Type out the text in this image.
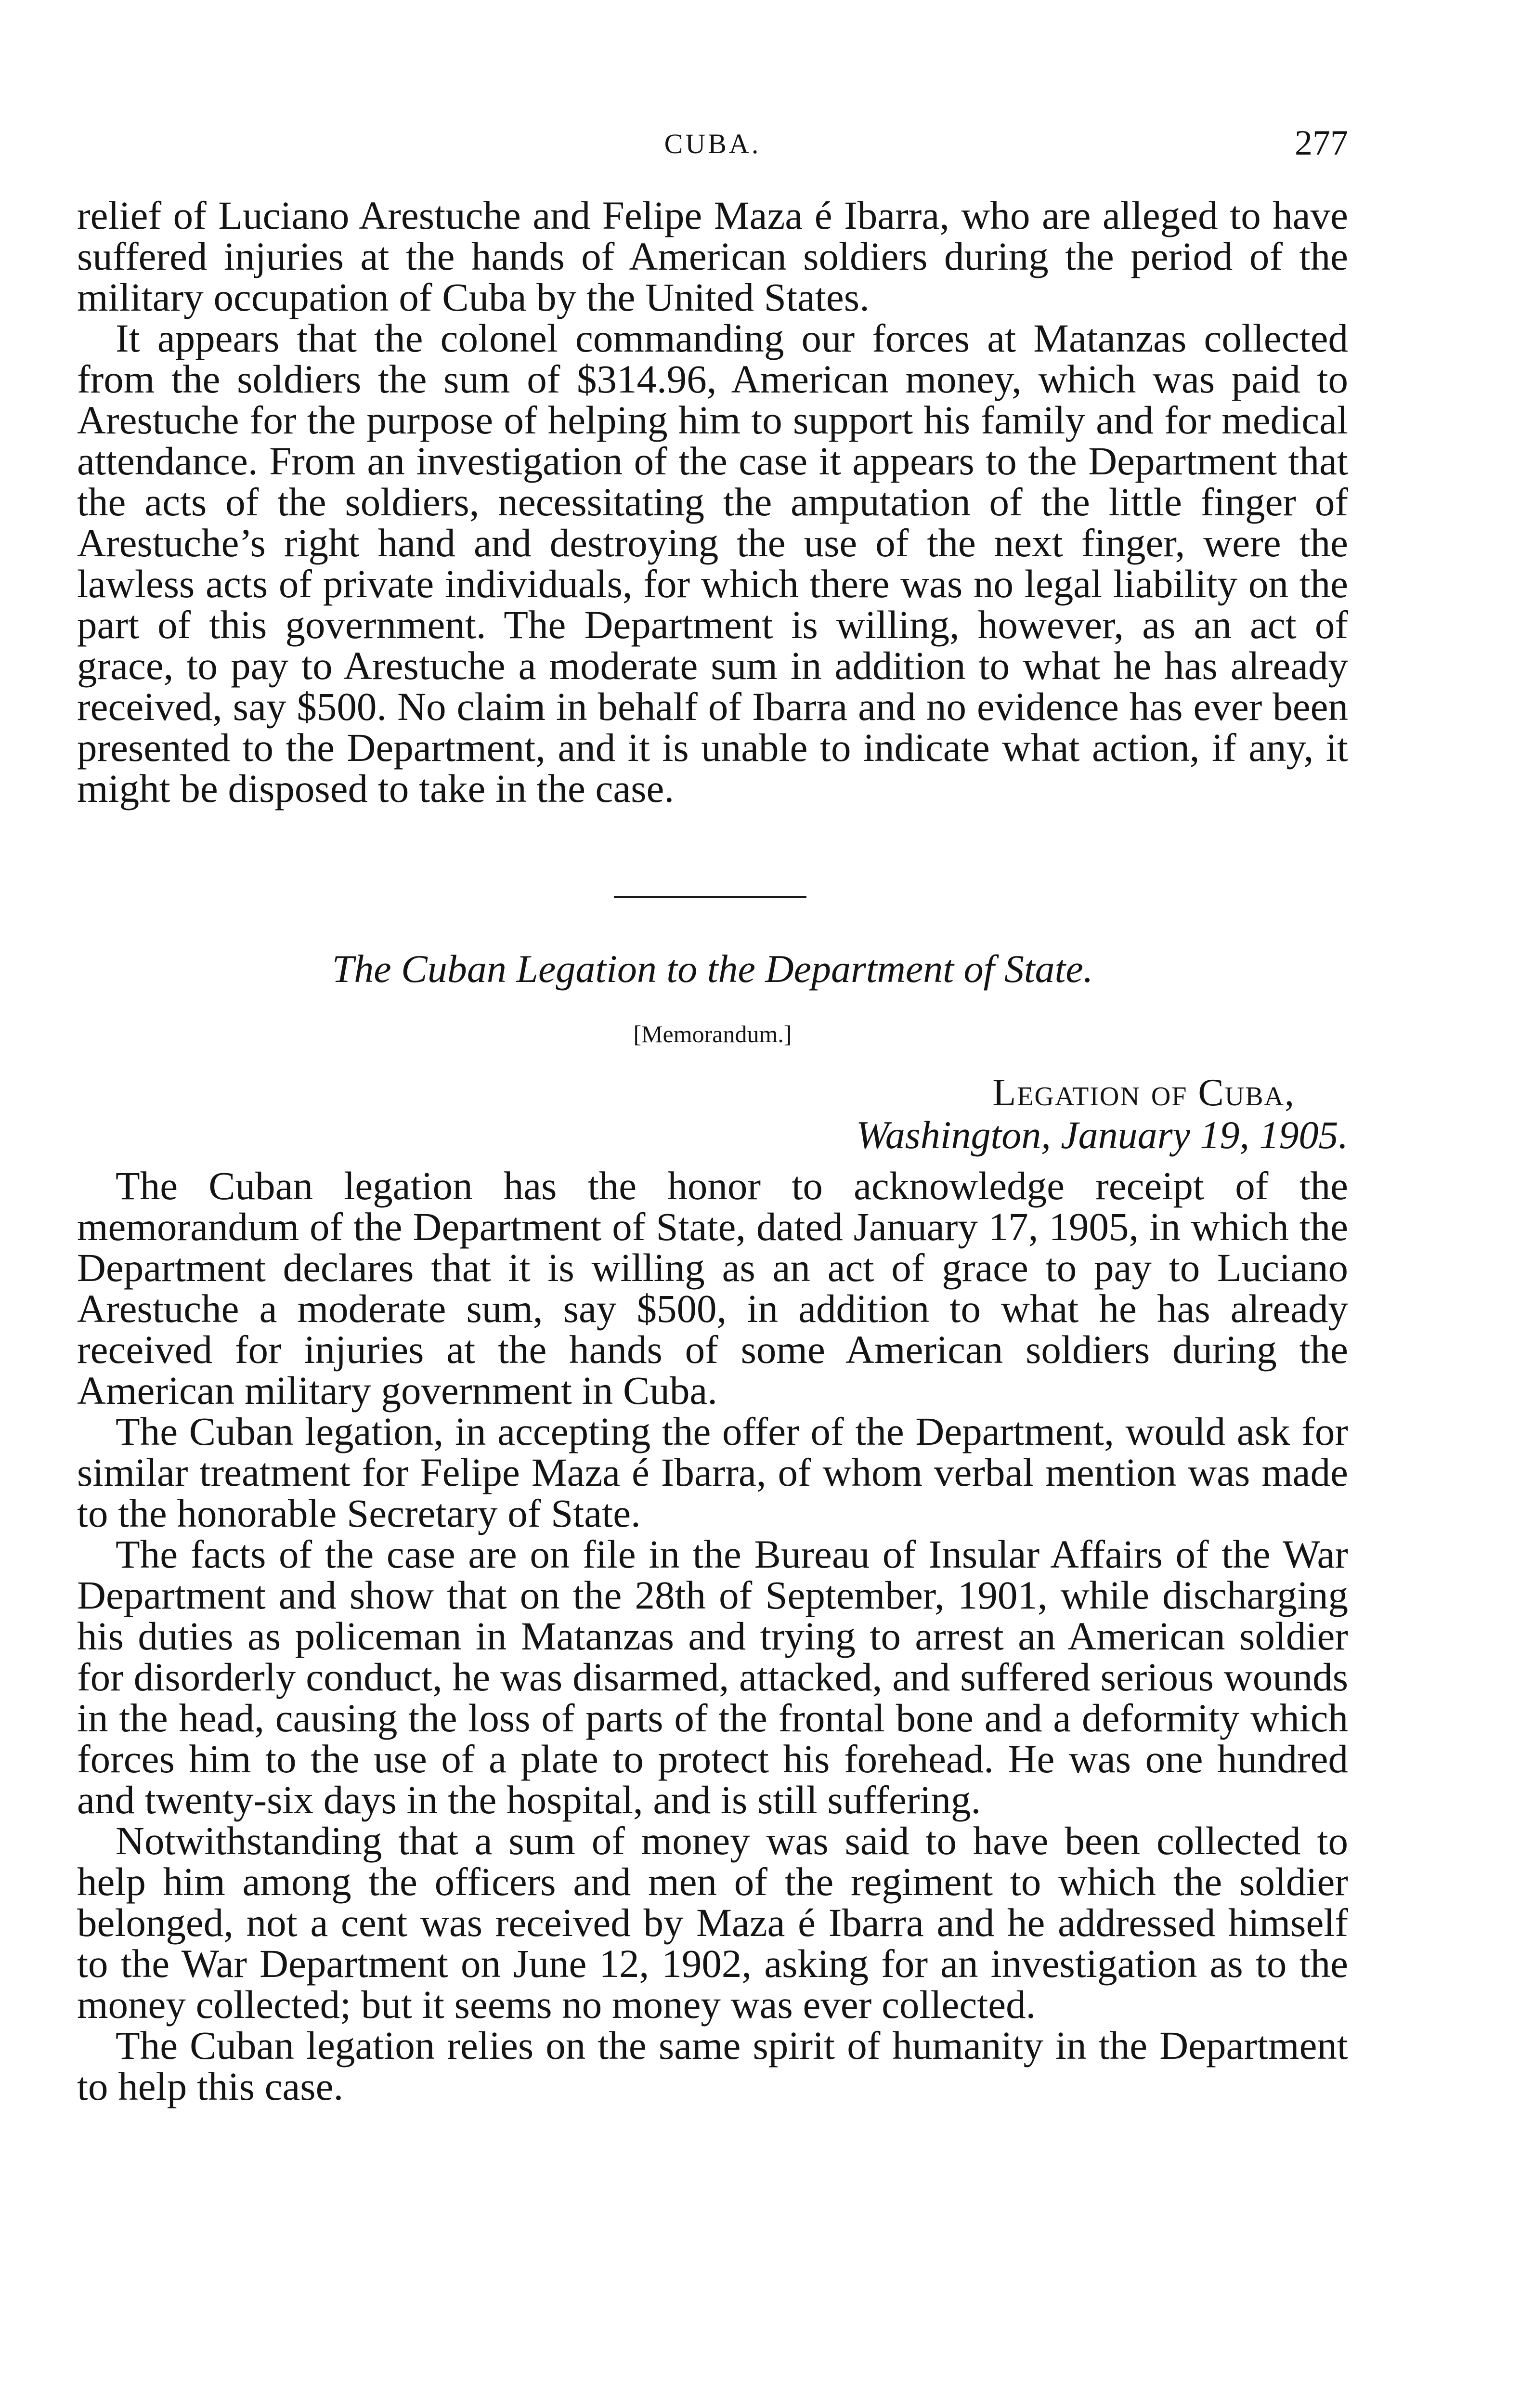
CUBA.	277

relief of Luciano Arestuche and Felipe Maza é Ibarra, who are alleged to have suffered injuries at the hands of American soldiers during the period of the military occupation of Cuba by the United States.

It appears that the colonel commanding our forces at Matanzas collected from the soldiers the sum of $314.96, American money, which was paid to Arestuche for the purpose of helping him to support his family and for medical attendance. From an investigation of the case it appears to the Department that the acts of the soldiers, necessitating the amputation of the little finger of Arestuche’s right hand and destroying the use of the next finger, were the lawless acts of private individuals, for which there was no legal liability on the part of this government. The Department is willing, however, as an act of grace, to pay to Arestuche a moderate sum in addition to what he has already received, say $500. No claim in behalf of Ibarra and no evidence has ever been presented to the Department, and it is unable to indicate what action, if any, it might be disposed to take in the case.

The Cuban Legation to the Department of State.
[Memorandum.]
Legation of Cuba,
Washington, January 19, 1905.

The Cuban legation has the honor to acknowledge receipt of the memorandum of the Department of State, dated January 17, 1905, in which the Department declares that it is willing as an act of grace to pay to Luciano Arestuche a moderate sum, say $500, in addition to what he has already received for injuries at the hands of some American soldiers during the American military government in Cuba.

The Cuban legation, in accepting the offer of the Department, would ask for similar treatment for Felipe Maza é Ibarra, of whom verbal mention was made to the honorable Secretary of State.

The facts of the case are on file in the Bureau of Insular Affairs of the War Department and show that on the 28th of September, 1901, while discharging his duties as policeman in Matanzas and trying to arrest an American soldier for disorderly conduct, he was disarmed, attacked, and suffered serious wounds in the head, causing the loss of parts of the frontal bone and a deformity which forces him to the use of a plate to protect his forehead. He was one hundred and twenty-six days in the hospital, and is still suffering.

Notwithstanding that a sum of money was said to have been collected to help him among the officers and men of the regiment to which the soldier belonged, not a cent was received by Maza é Ibarra and he addressed himself to the War Department on June 12, 1902, asking for an investigation as to the money collected; but it seems no money was ever collected.

The Cuban legation relies on the same spirit of humanity in the Department to help this case.
